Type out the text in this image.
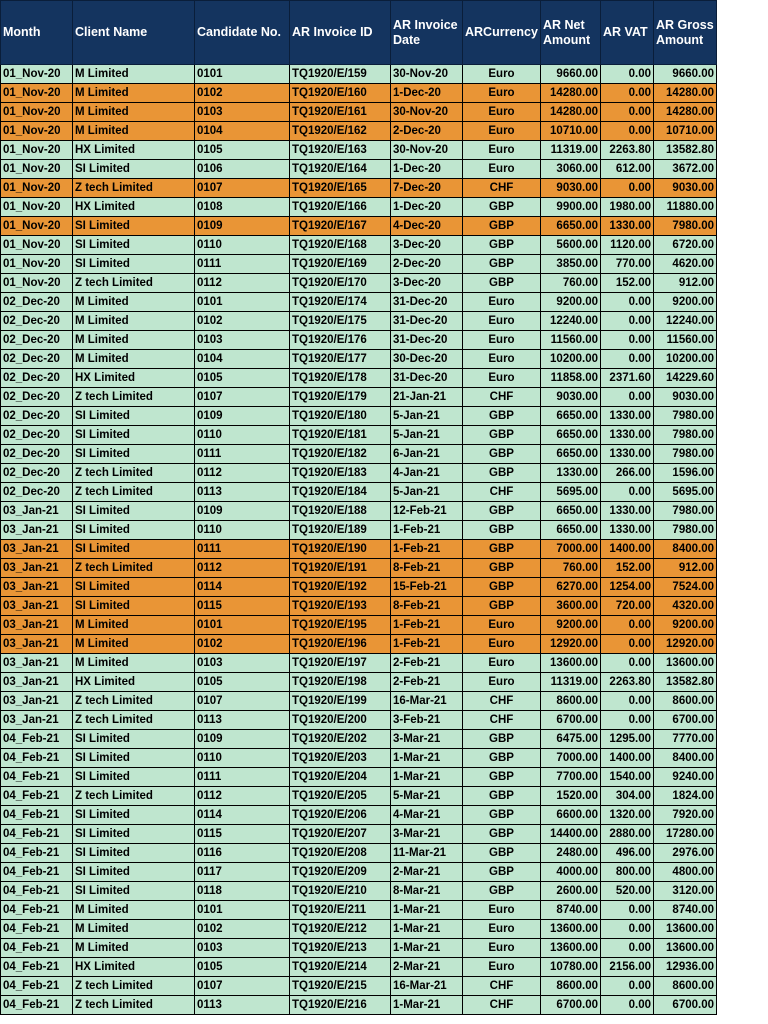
Month	Client Name	Candidate No.	AR Invoice ID	AR Invoice Date	ARCurrency	AR Net Amount	AR VAT	AR Gross Amount
01_Nov-20	M Limited	0101	TQ1920/E/159	30-Nov-20	Euro	9660.00	0.00	9660.00
01_Nov-20	M Limited	0102	TQ1920/E/160	1-Dec-20	Euro	14280.00	0.00	14280.00
01_Nov-20	M Limited	0103	TQ1920/E/161	30-Nov-20	Euro	14280.00	0.00	14280.00
01_Nov-20	M Limited	0104	TQ1920/E/162	2-Dec-20	Euro	10710.00	0.00	10710.00
01_Nov-20	HX Limited	0105	TQ1920/E/163	30-Nov-20	Euro	11319.00	2263.80	13582.80
01_Nov-20	SI Limited	0106	TQ1920/E/164	1-Dec-20	Euro	3060.00	612.00	3672.00
01_Nov-20	Z tech Limited	0107	TQ1920/E/165	7-Dec-20	CHF	9030.00	0.00	9030.00
01_Nov-20	HX Limited	0108	TQ1920/E/166	1-Dec-20	GBP	9900.00	1980.00	11880.00
01_Nov-20	SI Limited	0109	TQ1920/E/167	4-Dec-20	GBP	6650.00	1330.00	7980.00
01_Nov-20	SI Limited	0110	TQ1920/E/168	3-Dec-20	GBP	5600.00	1120.00	6720.00
01_Nov-20	SI Limited	0111	TQ1920/E/169	2-Dec-20	GBP	3850.00	770.00	4620.00
01_Nov-20	Z tech Limited	0112	TQ1920/E/170	3-Dec-20	GBP	760.00	152.00	912.00
02_Dec-20	M Limited	0101	TQ1920/E/174	31-Dec-20	Euro	9200.00	0.00	9200.00
02_Dec-20	M Limited	0102	TQ1920/E/175	31-Dec-20	Euro	12240.00	0.00	12240.00
02_Dec-20	M Limited	0103	TQ1920/E/176	31-Dec-20	Euro	11560.00	0.00	11560.00
02_Dec-20	M Limited	0104	TQ1920/E/177	30-Dec-20	Euro	10200.00	0.00	10200.00
02_Dec-20	HX Limited	0105	TQ1920/E/178	31-Dec-20	Euro	11858.00	2371.60	14229.60
02_Dec-20	Z tech Limited	0107	TQ1920/E/179	21-Jan-21	CHF	9030.00	0.00	9030.00
02_Dec-20	SI Limited	0109	TQ1920/E/180	5-Jan-21	GBP	6650.00	1330.00	7980.00
02_Dec-20	SI Limited	0110	TQ1920/E/181	5-Jan-21	GBP	6650.00	1330.00	7980.00
02_Dec-20	SI Limited	0111	TQ1920/E/182	6-Jan-21	GBP	6650.00	1330.00	7980.00
02_Dec-20	Z tech Limited	0112	TQ1920/E/183	4-Jan-21	GBP	1330.00	266.00	1596.00
02_Dec-20	Z tech Limited	0113	TQ1920/E/184	5-Jan-21	CHF	5695.00	0.00	5695.00
03_Jan-21	SI Limited	0109	TQ1920/E/188	12-Feb-21	GBP	6650.00	1330.00	7980.00
03_Jan-21	SI Limited	0110	TQ1920/E/189	1-Feb-21	GBP	6650.00	1330.00	7980.00
03_Jan-21	SI Limited	0111	TQ1920/E/190	1-Feb-21	GBP	7000.00	1400.00	8400.00
03_Jan-21	Z tech Limited	0112	TQ1920/E/191	8-Feb-21	GBP	760.00	152.00	912.00
03_Jan-21	SI Limited	0114	TQ1920/E/192	15-Feb-21	GBP	6270.00	1254.00	7524.00
03_Jan-21	SI Limited	0115	TQ1920/E/193	8-Feb-21	GBP	3600.00	720.00	4320.00
03_Jan-21	M Limited	0101	TQ1920/E/195	1-Feb-21	Euro	9200.00	0.00	9200.00
03_Jan-21	M Limited	0102	TQ1920/E/196	1-Feb-21	Euro	12920.00	0.00	12920.00
03_Jan-21	M Limited	0103	TQ1920/E/197	2-Feb-21	Euro	13600.00	0.00	13600.00
03_Jan-21	HX Limited	0105	TQ1920/E/198	2-Feb-21	Euro	11319.00	2263.80	13582.80
03_Jan-21	Z tech Limited	0107	TQ1920/E/199	16-Mar-21	CHF	8600.00	0.00	8600.00
03_Jan-21	Z tech Limited	0113	TQ1920/E/200	3-Feb-21	CHF	6700.00	0.00	6700.00
04_Feb-21	SI Limited	0109	TQ1920/E/202	3-Mar-21	GBP	6475.00	1295.00	7770.00
04_Feb-21	SI Limited	0110	TQ1920/E/203	1-Mar-21	GBP	7000.00	1400.00	8400.00
04_Feb-21	SI Limited	0111	TQ1920/E/204	1-Mar-21	GBP	7700.00	1540.00	9240.00
04_Feb-21	Z tech Limited	0112	TQ1920/E/205	5-Mar-21	GBP	1520.00	304.00	1824.00
04_Feb-21	SI Limited	0114	TQ1920/E/206	4-Mar-21	GBP	6600.00	1320.00	7920.00
04_Feb-21	SI Limited	0115	TQ1920/E/207	3-Mar-21	GBP	14400.00	2880.00	17280.00
04_Feb-21	SI Limited	0116	TQ1920/E/208	11-Mar-21	GBP	2480.00	496.00	2976.00
04_Feb-21	SI Limited	0117	TQ1920/E/209	2-Mar-21	GBP	4000.00	800.00	4800.00
04_Feb-21	SI Limited	0118	TQ1920/E/210	8-Mar-21	GBP	2600.00	520.00	3120.00
04_Feb-21	M Limited	0101	TQ1920/E/211	1-Mar-21	Euro	8740.00	0.00	8740.00
04_Feb-21	M Limited	0102	TQ1920/E/212	1-Mar-21	Euro	13600.00	0.00	13600.00
04_Feb-21	M Limited	0103	TQ1920/E/213	1-Mar-21	Euro	13600.00	0.00	13600.00
04_Feb-21	HX Limited	0105	TQ1920/E/214	2-Mar-21	Euro	10780.00	2156.00	12936.00
04_Feb-21	Z tech Limited	0107	TQ1920/E/215	16-Mar-21	CHF	8600.00	0.00	8600.00
04_Feb-21	Z tech Limited	0113	TQ1920/E/216	1-Mar-21	CHF	6700.00	0.00	6700.00
